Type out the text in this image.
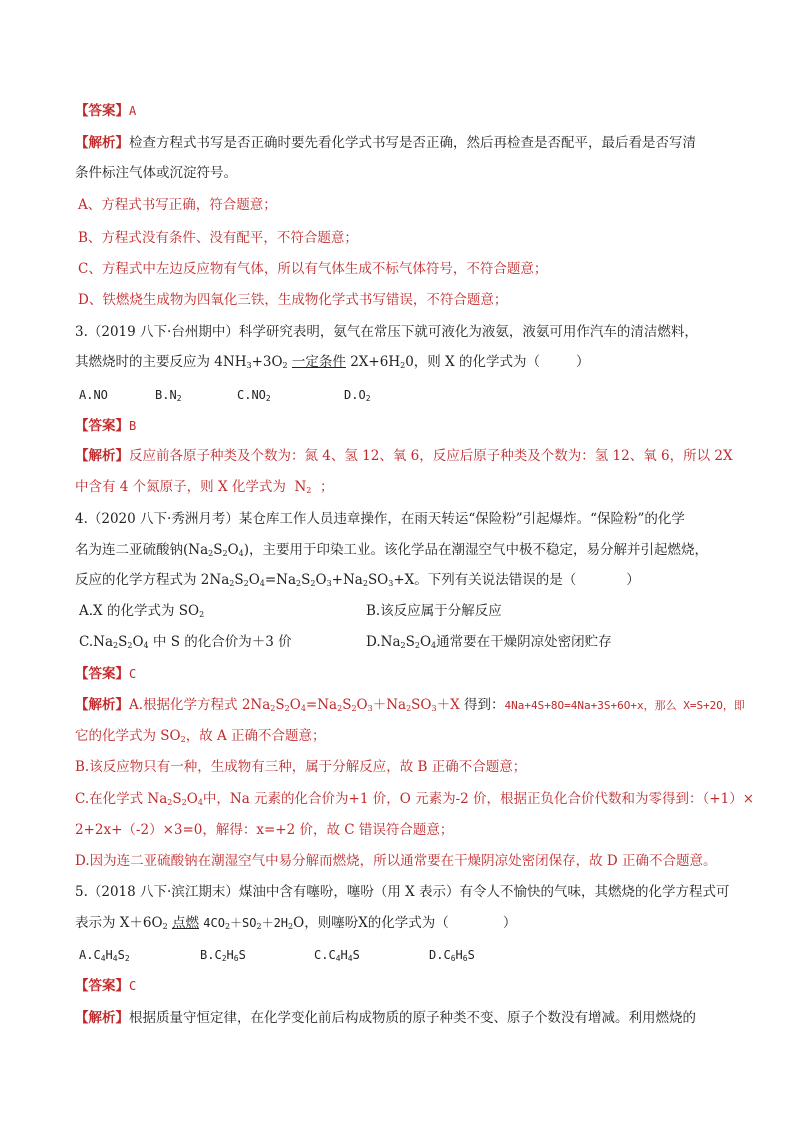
【答案】A
【解析】检查方程式书写是否正确时要先看化学式书写是否正确，然后再检查是否配平，最后看是否写清
条件标注气体或沉淀符号。
A、方程式书写正确，符合题意；
B、方程式没有条件、没有配平，不符合题意；
C、方程式中左边反应物有气体，所以有气体生成不标气体符号，不符合题意；
D、铁燃烧生成物为四氧化三铁，生成物化学式书写错误，不符合题意；
3.（2019 八下·台州期中）科学研究表明，氨气在常压下就可液化为液氨，液氨可用作汽车的清洁燃料，
其燃烧时的主要反应为 $4NH_3+3O_2$ 一定条件 $2X+6H_20$，则 X 的化学式为（	）
A.NO	$B.N_2$	$C.NO_2$	$D.O_2$
【答案】B
【解析】反应前各原子种类及个数为：氮 4、氢 12、氧 6，反应后原子种类及个数为：氢 12、氧 6，所以 2X
中含有 4 个氮原子，则 X 化学式为 $N_2$ ；
4.（2020 八下·秀洲月考）某仓库工作人员违章操作，在雨天转运“保险粉”引起爆炸。“保险粉”的化学
名为连二亚硫酸钠$(Na_2S_2O_4)$，主要用于印染工业。该化学品在潮湿空气中极不稳定，易分解并引起燃烧，
反应的化学方程式为 $2Na_2S_2O_4=Na_2S_2O_3+Na_2SO_3+X$。下列有关说法错误的是（	）
A.X 的化学式为 $SO_2$	B.该反应属于分解反应
$C.Na_2S_2O_4$ 中 S 的化合价为＋3 价	$D.Na_2S_2O_4$通常要在干燥阴凉处密闭贮存
【答案】C
【解析】A.根据化学方程式 $2Na_2S_2O_4=Na_2S_2O_3+Na_2SO_3+X$ 得到：4Na+4S+8O=4Na+3S+6O+x，那么 X=S+2O，即
它的化学式为 $SO_2$，故 A 正确不合题意；
B.该反应物只有一种，生成物有三种，属于分解反应，故 B 正确不合题意；
C.在化学式 $Na_2S_2O_4$中，Na 元素的化合价为+1 价，O 元素为-2 价，根据正负化合价代数和为零得到：（+1）×
2+2x+（-2）×3=0，解得：x=+2 价，故 C 错误符合题意；
D.因为连二亚硫酸钠在潮湿空气中易分解而燃烧，所以通常要在干燥阴凉处密闭保存，故 D 正确不合题意。
5.（2018 八下·滨江期末）煤油中含有噻吩，噻吩（用 X 表示）有令人不愉快的气味，其燃烧的化学方程式可
表示为 $X+6O_2$ 点燃 $4CO_2+SO_2+2H_2O$，则噻吩X的化学式为（	）
$A.C_4H_4S_2$	$B.C_2H_6S$	$C.C_4H_4S$	$D.C_6H_6S$
【答案】C
【解析】根据质量守恒定律，在化学变化前后构成物质的原子种类不变、原子个数没有增减。利用燃烧的
